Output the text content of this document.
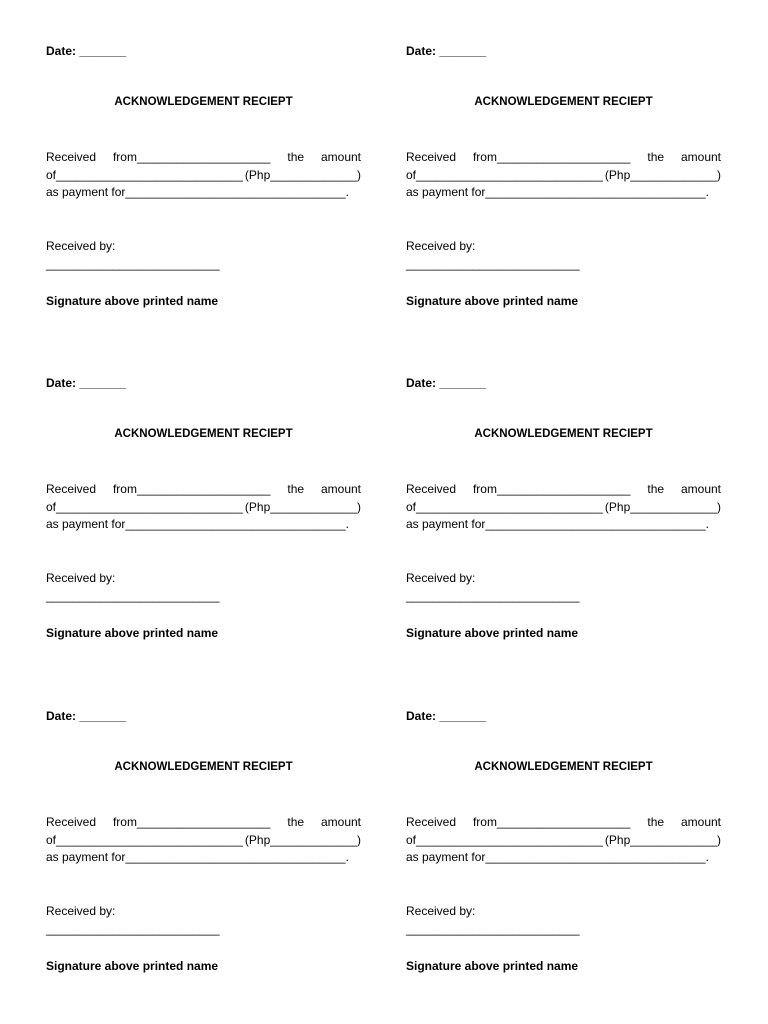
Date: _______
ACKNOWLEDGEMENT RECIEPT
Received from____________________ the amount
of____________________________ (Php_____________)
as payment for_________________________________.
Received by:
__________________________
Signature above printed name
Date: _______
ACKNOWLEDGEMENT RECIEPT
Received from____________________ the amount
of____________________________ (Php_____________)
as payment for_________________________________.
Received by:
__________________________
Signature above printed name
Date: _______
ACKNOWLEDGEMENT RECIEPT
Received from____________________ the amount
of____________________________ (Php_____________)
as payment for_________________________________.
Received by:
__________________________
Signature above printed name
Date: _______
ACKNOWLEDGEMENT RECIEPT
Received from____________________ the amount
of____________________________ (Php_____________)
as payment for_________________________________.
Received by:
__________________________
Signature above printed name
Date: _______
ACKNOWLEDGEMENT RECIEPT
Received from____________________ the amount
of____________________________ (Php_____________)
as payment for_________________________________.
Received by:
__________________________
Signature above printed name
Date: _______
ACKNOWLEDGEMENT RECIEPT
Received from____________________ the amount
of____________________________ (Php_____________)
as payment for_________________________________.
Received by:
__________________________
Signature above printed name
